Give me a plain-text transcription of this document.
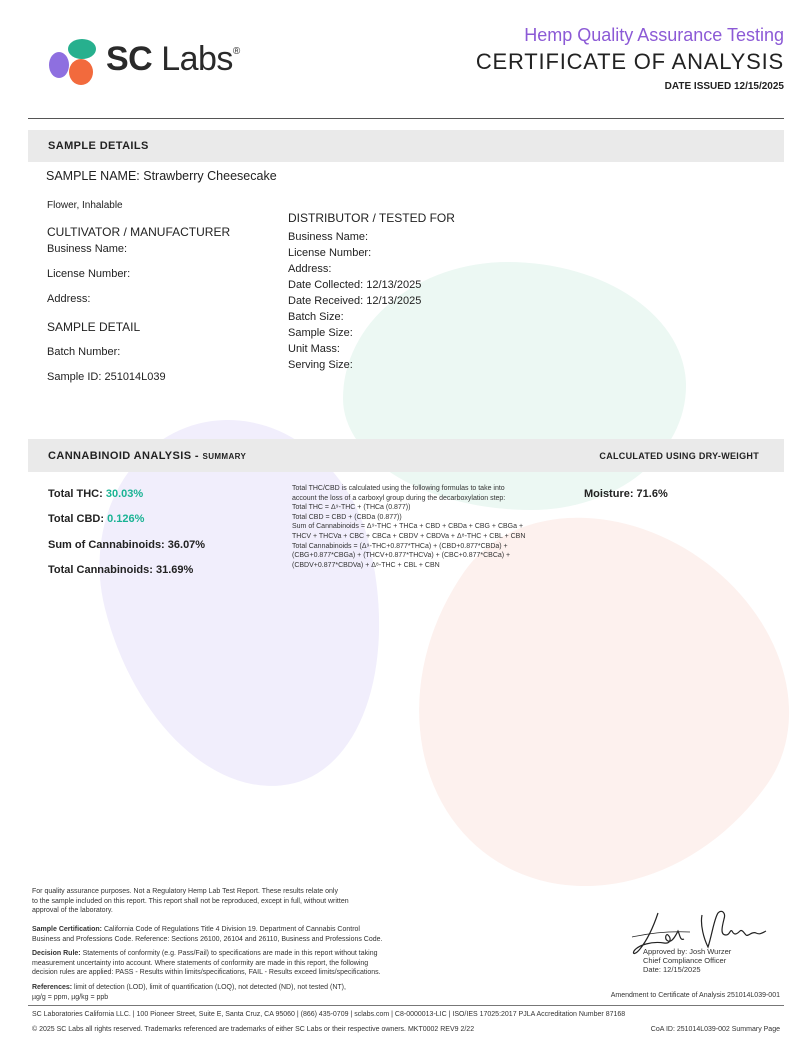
SC Labs®
Hemp Quality Assurance Testing
CERTIFICATE OF ANALYSIS
DATE ISSUED 12/15/2025
SAMPLE DETAILS
SAMPLE NAME: Strawberry Cheesecake
Flower, Inhalable
CULTIVATOR / MANUFACTURER
Business Name:
License Number:
Address:
SAMPLE DETAIL
Batch Number:
Sample ID: 251014L039
DISTRIBUTOR / TESTED FOR
Business Name:
License Number:
Address:
Date Collected: 12/13/2025
Date Received: 12/13/2025
Batch Size:
Sample Size:
Unit Mass:
Serving Size:
CANNABINOID ANALYSIS - SUMMARY	CALCULATED USING DRY-WEIGHT
Total THC: 30.03%
Total CBD: 0.126%
Sum of Cannabinoids: 36.07%
Total Cannabinoids: 31.69%
Total THC/CBD is calculated using the following formulas to take into
account the loss of a carboxyl group during the decarboxylation step:
Total THC = Δ⁹-THC + (THCa (0.877))
Total CBD = CBD + (CBDa (0.877))
Sum of Cannabinoids = Δ⁹-THC + THCa + CBD + CBDa + CBG + CBGa +
THCV + THCVa + CBC + CBCa + CBDV + CBDVa + Δ⁸-THC + CBL + CBN
Total Cannabinoids = (Δ⁹-THC+0.877*THCa) + (CBD+0.877*CBDa) +
(CBG+0.877*CBGa) + (THCV+0.877*THCVa) + (CBC+0.877*CBCa) +
(CBDV+0.877*CBDVa) + Δ⁸-THC + CBL + CBN
Moisture: 71.6%
For quality assurance purposes. Not a Regulatory Hemp Lab Test Report. These results relate only
to the sample included on this report. This report shall not be reproduced, except in full, without written
approval of the laboratory.
Sample Certification: California Code of Regulations Title 4 Division 19. Department of Cannabis Control
Business and Professions Code. Reference: Sections 26100, 26104 and 26110, Business and Professions Code.
Decision Rule: Statements of conformity (e.g. Pass/Fail) to specifications are made in this report without taking
measurement uncertainty into account. Where statements of conformity are made in this report, the following
decision rules are applied: PASS - Results within limits/specifications, FAIL - Results exceed limits/specifications.
References: limit of detection (LOD), limit of quantification (LOQ), not detected (ND), not tested (NT),
µg/g = ppm, µg/kg = ppb
Approved by: Josh Wurzer
Chief Compliance Officer
Date: 12/15/2025
Amendment to Certificate of Analysis 251014L039-001
SC Laboratories California LLC. | 100 Pioneer Street, Suite E, Santa Cruz, CA 95060 | (866) 435-0709 | sclabs.com | C8-0000013-LIC | ISO/IES 17025:2017 PJLA Accreditation Number 87168
© 2025 SC Labs all rights reserved. Trademarks referenced are trademarks of either SC Labs or their respective owners. MKT0002 REV9 2/22	CoA ID: 251014L039-002 Summary Page
